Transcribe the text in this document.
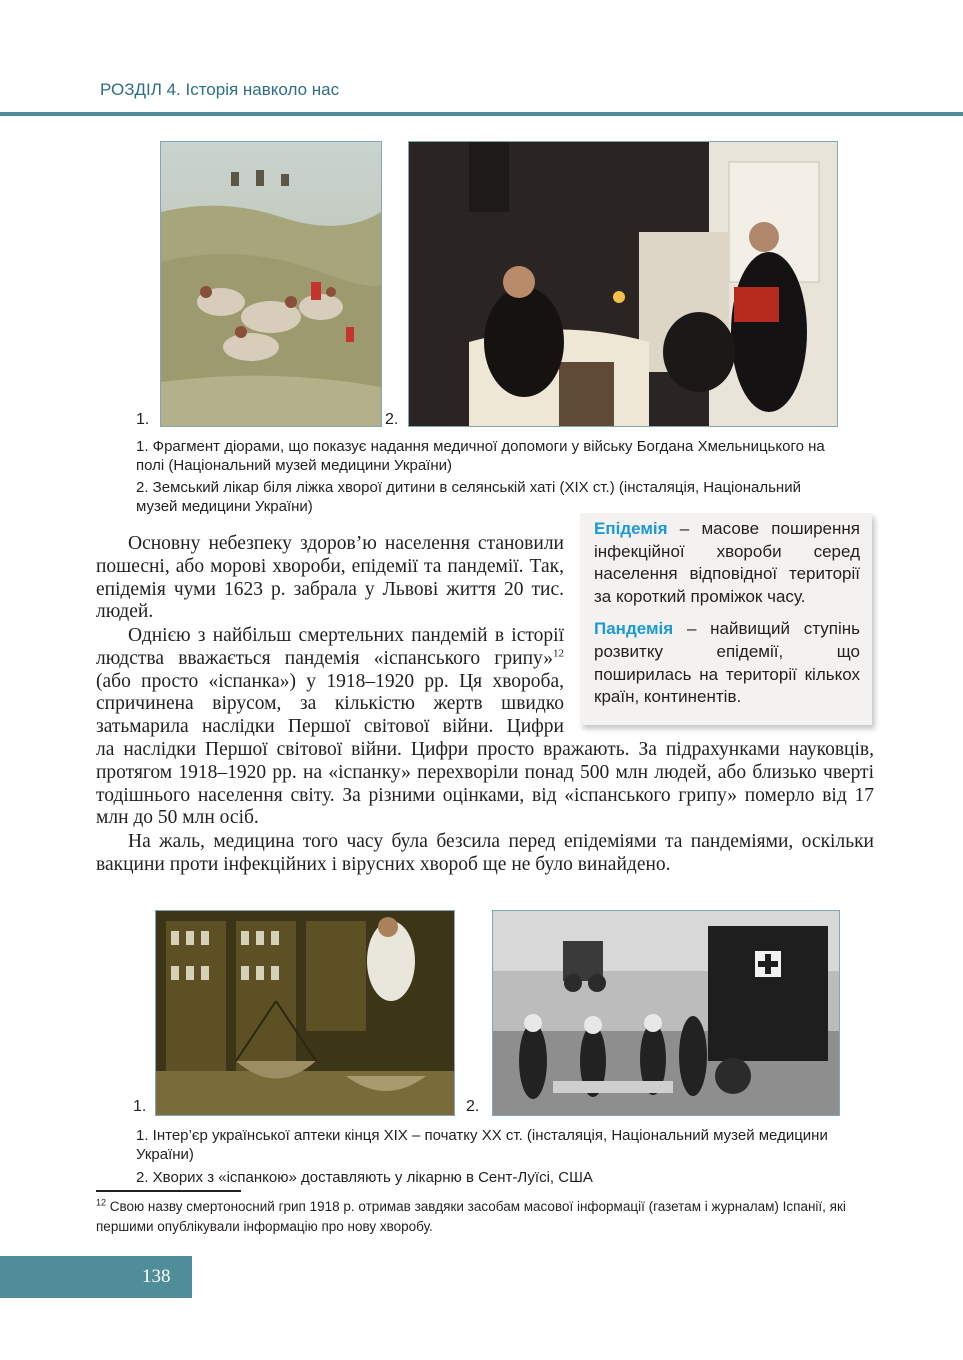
РОЗДІЛ 4. Історія навколо нас
1.	2.
1. Фрагмент діорами, що показує надання медичної допомоги у війську Богдана Хмельницького на полі (Національний музей медицини України)
2. Земський лікар біля ліжка хворої дитини в селянській хаті (XIX ст.) (інсталяція, Національний музей медицини України)

Основну небезпеку здоров’ю населення становили пошесні, або морові хвороби, епідемії та пандемії. Так, епідемія чуми 1623 р. забрала у Львові життя 20 тис. людей.

Однією з найбільш смертельних пандемій в історії людства вважається пандемія «іспанського грипу»$^{12}$ (або просто «іспанка») у 1918–1920 рр. Ця хвороба, спричинена вірусом, за кількістю жертв швидко затьмарила наслідки Першої світової війни. Цифри

ла наслідки Першої світової війни. Цифри просто вражають. За підрахунками науковців, протягом 1918–1920 рр. на «іспанку» перехворіли понад 500 млн людей, або близько чверті тодішнього населення світу. За різними оцінками, від «іспанського грипу» померло від 17 млн до 50 млн осіб.

На жаль, медицина того часу була безсила перед епідеміями та пандеміями, оскільки вакцини проти інфекційних і вірусних хвороб ще не було винайдено.

Епідемія – масове поширення інфекційної хвороби серед населення відповідної території за короткий проміжок часу.

Пандемія – найвищий ступінь розвитку епідемії, що поширилась на території кількох країн, континентів.

1.	2.
1. Інтер’єр української аптеки кінця XIX – початку XX ст. (інсталяція, Національний музей медицини України)
2. Хворих з «іспанкою» доставляють у лікарню в Сент-Луїсі, США
$^{12}$ Свою назву смертоносний грип 1918 р. отримав завдяки засобам масової інформації (газетам і журналам) Іспанії, які першими опублікували інформацію про нову хворобу.
138
